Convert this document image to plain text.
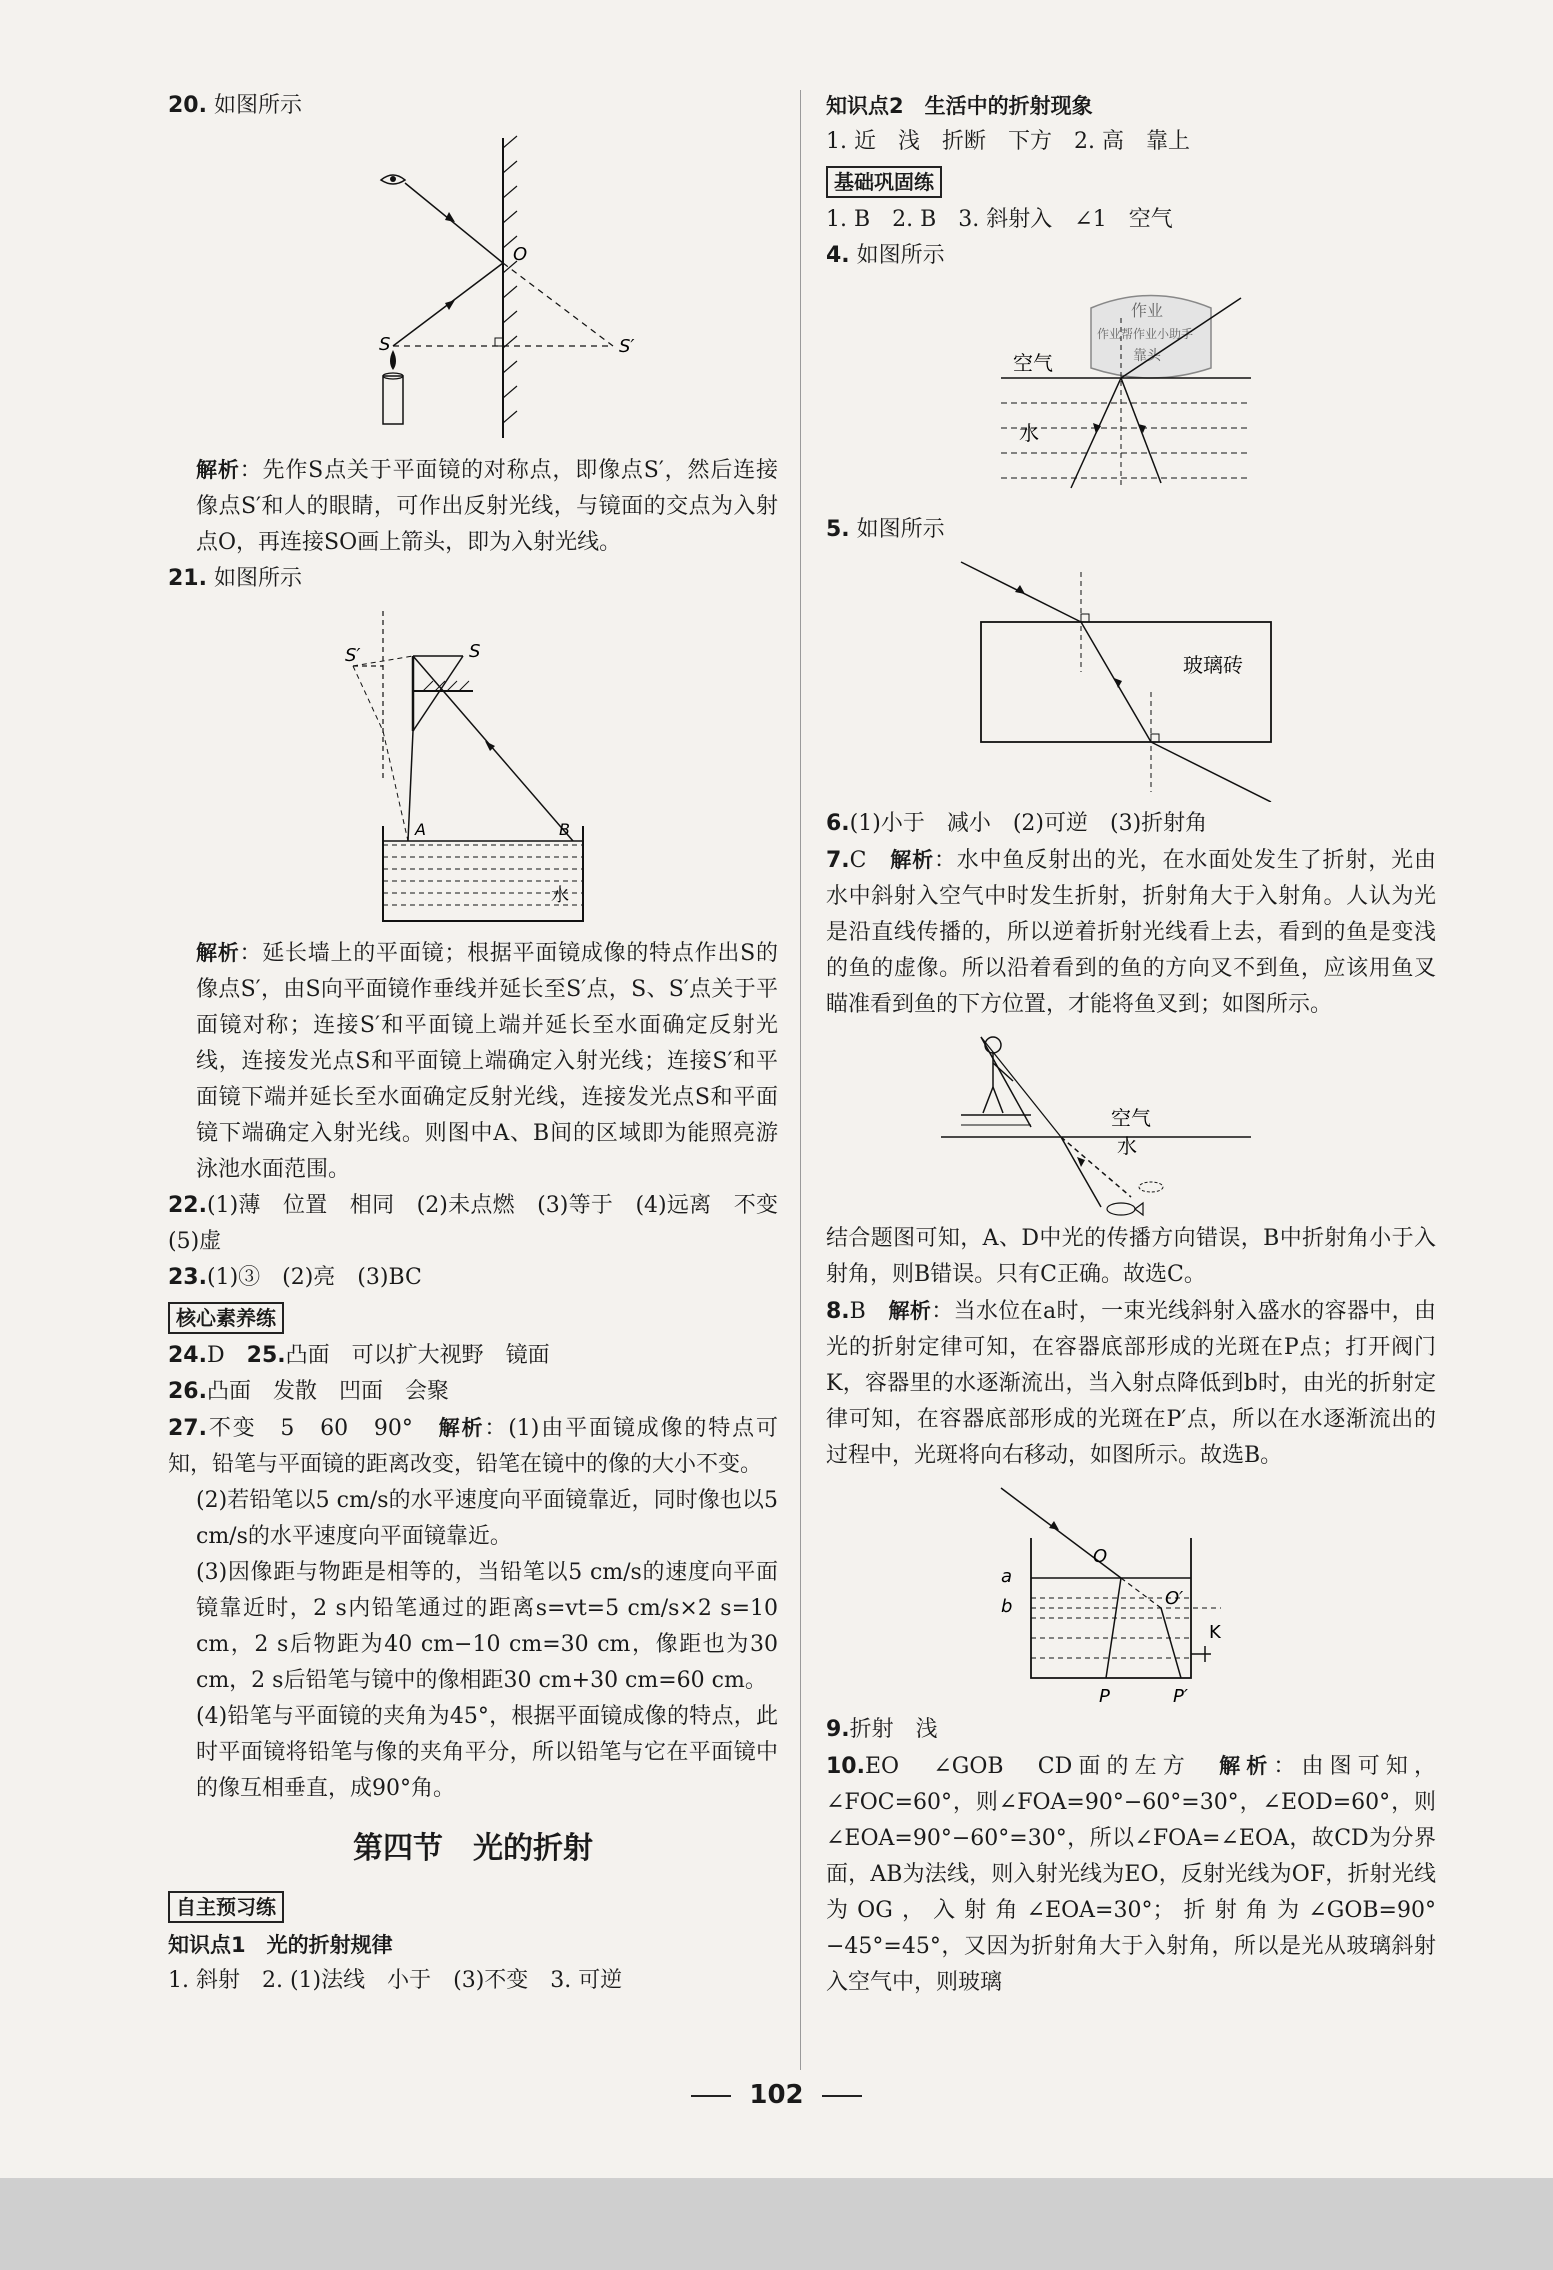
20. 如图所示

O
S	S′

解析：先作S点关于平面镜的对称点，即像点S′，然后连接像点S′和人的眼睛，可作出反射光线，与镜面的交点为入射点O，再连接SO画上箭头，即为入射光线。

21. 如图所示

S′	S
A	B
水

解析：延长墙上的平面镜；根据平面镜成像的特点作出S的像点S′，由S向平面镜作垂线并延长至S′点，S、S′点关于平面镜对称；连接S′和平面镜上端并延长至水面确定反射光线，连接发光点S和平面镜上端确定入射光线；连接S′和平面镜下端并延长至水面确定反射光线，连接发光点S和平面镜下端确定入射光线。则图中A、B间的区域即为能照亮游泳池水面范围。

22.(1)薄　位置　相同　(2)未点燃　(3)等于　(4)远离　不变　(5)虚

23.(1)③　(2)亮　(3)BC

核心素养练

24.D　 25.凸面　可以扩大视野　镜面

26.凸面　发散　凹面　会聚

27.不变　5　60　90°　 解析：(1)由平面镜成像的特点可知，铅笔与平面镜的距离改变，铅笔在镜中的像的大小不变。

(2)若铅笔以5 cm/s的水平速度向平面镜靠近，同时像也以5 cm/s的水平速度向平面镜靠近。

(3)因像距与物距是相等的，当铅笔以5 cm/s的速度向平面镜靠近时，2 s内铅笔通过的距离s=vt=5 cm/s×2 s=10 cm，2 s后物距为40 cm−10 cm=30 cm，像距也为30 cm，2 s后铅笔与镜中的像相距30 cm+30 cm=60 cm。

(4)铅笔与平面镜的夹角为45°，根据平面镜成像的特点，此时平面镜将铅笔与像的夹角平分，所以铅笔与它在平面镜中的像互相垂直，成90°角。

第四节　光的折射
自主预习练

知识点1　光的折射规律

1. 斜射　2. (1)法线　小于　(3)不变　3. 可逆

知识点2　生活中的折射现象

1. 近　浅　折断　下方　2. 高　靠上

基础巩固练

1. B　2. B　3. 斜射入　∠1　空气

4. 如图所示

作业
作业帮作业小助手
靠头
空气
水

5. 如图所示

玻璃砖

6.(1)小于　减小　(2)可逆　(3)折射角

7.C　 解析：水中鱼反射出的光，在水面处发生了折射，光由水中斜射入空气中时发生折射，折射角大于入射角。人认为光是沿直线传播的，所以逆着折射光线看上去，看到的鱼是变浅的鱼的虚像。所以沿着看到的鱼的方向叉不到鱼，应该用鱼叉瞄准看到鱼的下方位置，才能将鱼叉到；如图所示。

空气
水

结合题图可知，A、D中光的传播方向错误，B中折射角小于入射角，则B错误。只有C正确。故选C。

8.B　 解析：当水位在a时，一束光线斜射入盛水的容器中，由光的折射定律可知，在容器底部形成的光斑在P点；打开阀门K，容器里的水逐渐流出，当入射点降低到b时，由光的折射定律可知，在容器底部形成的光斑在P′点，所以在水逐渐流出的过程中，光斑将向右移动，如图所示。故选B。

O
O′
a
b
K
P	P′

9.折射　浅

10.EO　∠GOB　CD面的左方　 解析：由图可知，∠FOC=60°，则∠FOA=90°−60°=30°，∠EOD=60°，则∠EOA=90°−60°=30°，所以∠FOA=∠EOA，故CD为分界面，AB为法线，则入射光线为EO，反射光线为OF，折射光线为OG，入射角∠EOA=30°；折射角为∠GOB=90°−45°=45°，又因为折射角大于入射角，所以是光从玻璃斜射入空气中，则玻璃

102
